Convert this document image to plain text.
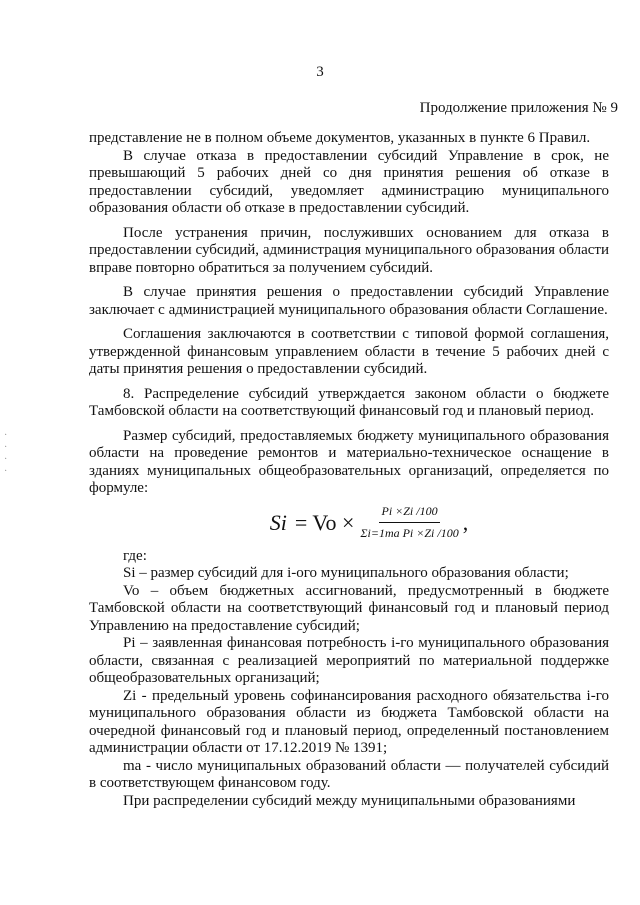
3
Продолжение приложения № 9
·
·
·
·

представление не в полном объеме документов, указанных в пункте 6 Правил.

В случае отказа в предоставлении субсидий Управление в срок, не превышающий 5 рабочих дней со дня принятия решения об отказе в предоставлении субсидий, уведомляет администрацию муниципального образования области об отказе в предоставлении субсидий.

После устранения причин, послуживших основанием для отказа в предоставлении субсидий, администрация муниципального образования области вправе повторно обратиться за получением субсидий.

В случае принятия решения о предоставлении субсидий Управление заключает с администрацией муниципального образования области Соглашение.

Соглашения заключаются в соответствии с типовой формой соглашения, утвержденной финансовым управлением области в течение 5 рабочих дней с даты принятия решения о предоставлении субсидий.

8. Распределение субсидий утверждается законом области о бюджете Тамбовской области на соответствующий финансовый год и плановый период.

Размер субсидий, предоставляемых бюджету муниципального образования области на проведение ремонтов и материально-техническое оснащение в зданиях муниципальных общеобразовательных организаций, определяется по формуле:

$Si = Vo \times \frac{Pi \times Zi /100}{\text{Σi=1ma Pi ×Zi /100}}$ ,

где:

Si – размер субсидий для i-ого муниципального образования области;

Vo – объем бюджетных ассигнований, предусмотренный в бюджете Тамбовской области на соответствующий финансовый год и плановый период Управлению на предоставление субсидий;

Pi – заявленная финансовая потребность i-го муниципального образования области, связанная с реализацией мероприятий по материальной поддержке общеобразовательных организаций;

Zi - предельный уровень софинансирования расходного обязательства i-го муниципального образования области из бюджета Тамбовской области на очередной финансовый год и плановый период, определенный постановлением администрации области от 17.12.2019 № 1391;

ma - число муниципальных образований области — получателей субсидий в соответствующем финансовом году.

При распределении субсидий между муниципальными образованиями
